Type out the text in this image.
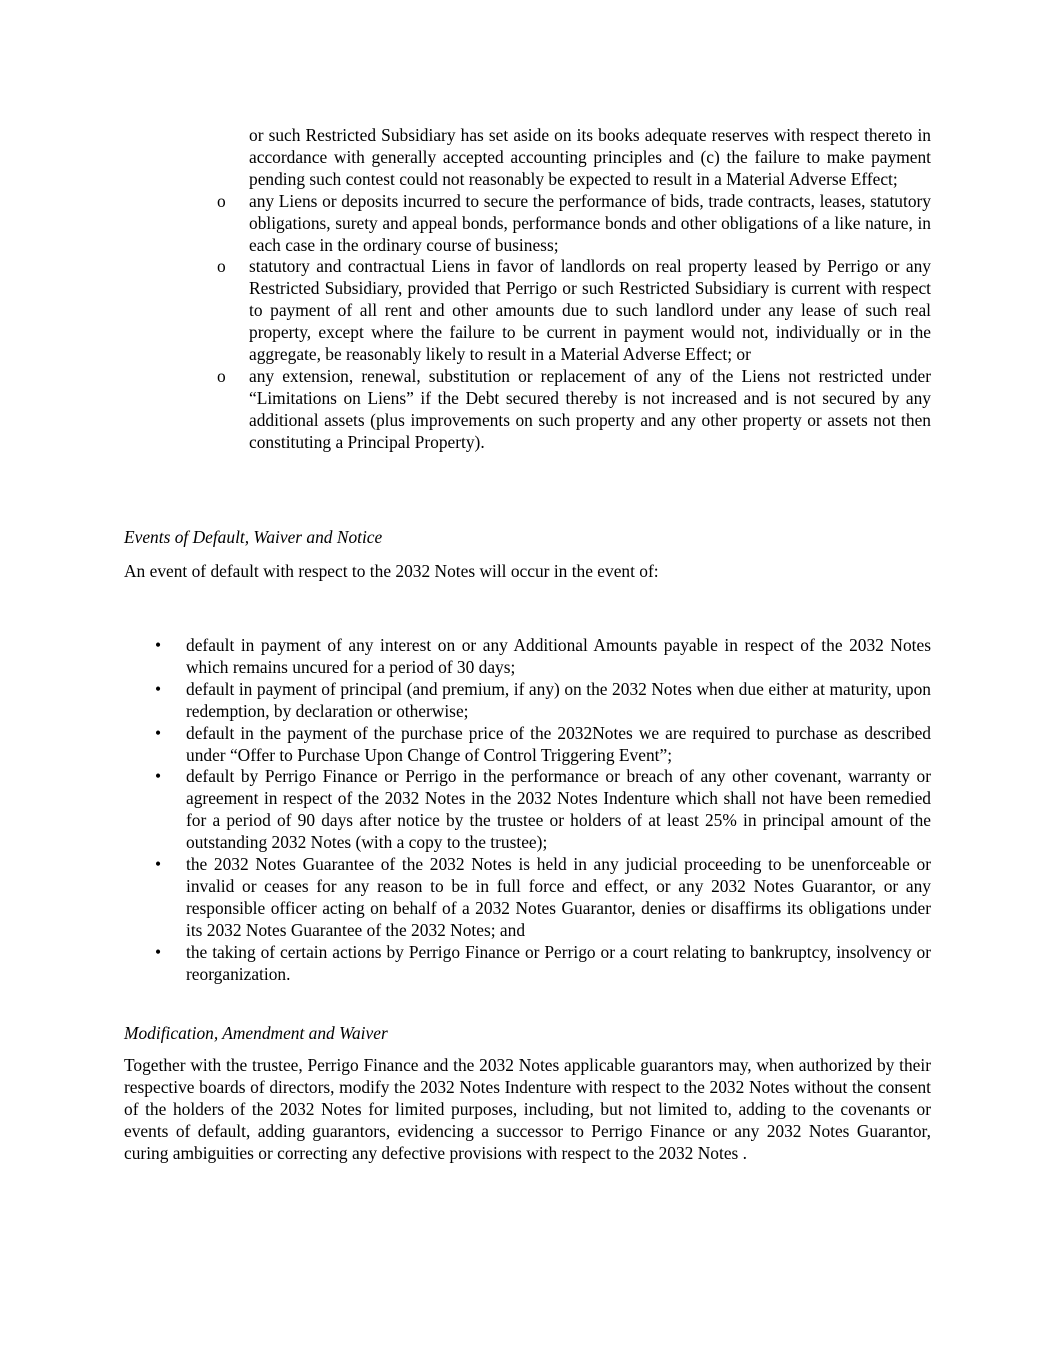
or such Restricted Subsidiary has set aside on its books adequate reserves with respect thereto in accordance with generally accepted accounting principles and (c) the failure to make payment pending such contest could not reasonably be expected to result in a Material Adverse Effect;
o any Liens or deposits incurred to secure the performance of bids, trade contracts, leases, statutory obligations, surety and appeal bonds, performance bonds and other obligations of a like nature, in each case in the ordinary course of business;
o statutory and contractual Liens in favor of landlords on real property leased by Perrigo or any Restricted Subsidiary, provided that Perrigo or such Restricted Subsidiary is current with respect to payment of all rent and other amounts due to such landlord under any lease of such real property, except where the failure to be current in payment would not, individually or in the aggregate, be reasonably likely to result in a Material Adverse Effect; or
o any extension, renewal, substitution or replacement of any of the Liens not restricted under “Limitations on Liens” if the Debt secured thereby is not increased and is not secured by any additional assets (plus improvements on such property and any other property or assets not then constituting a Principal Property).
Events of Default, Waiver and Notice

An event of default with respect to the 2032 Notes will occur in the event of:

• default in payment of any interest on or any Additional Amounts payable in respect of the 2032 Notes which remains uncured for a period of 30 days;
• default in payment of principal (and premium, if any) on the 2032 Notes when due either at maturity, upon redemption, by declaration or otherwise;
• default in the payment of the purchase price of the 2032Notes we are required to purchase as described under “Offer to Purchase Upon Change of Control Triggering Event”;
• default by Perrigo Finance or Perrigo in the performance or breach of any other covenant, warranty or agreement in respect of the 2032 Notes in the 2032 Notes Indenture which shall not have been remedied for a period of 90 days after notice by the trustee or holders of at least 25% in principal amount of the outstanding 2032 Notes (with a copy to the trustee);
• the 2032 Notes Guarantee of the 2032 Notes is held in any judicial proceeding to be unenforceable or invalid or ceases for any reason to be in full force and effect, or any 2032 Notes Guarantor, or any responsible officer acting on behalf of a 2032 Notes Guarantor, denies or disaffirms its obligations under its 2032 Notes Guarantee of the 2032 Notes; and
• the taking of certain actions by Perrigo Finance or Perrigo or a court relating to bankruptcy, insolvency or reorganization.
Modification, Amendment and Waiver

Together with the trustee, Perrigo Finance and the 2032 Notes applicable guarantors may, when authorized by their respective boards of directors, modify the 2032 Notes Indenture with respect to the 2032 Notes without the consent of the holders of the 2032 Notes for limited purposes, including, but not limited to, adding to the covenants or events of default, adding guarantors, evidencing a successor to Perrigo Finance or any 2032 Notes Guarantor, curing ambiguities or correcting any defective provisions with respect to the 2032 Notes .
